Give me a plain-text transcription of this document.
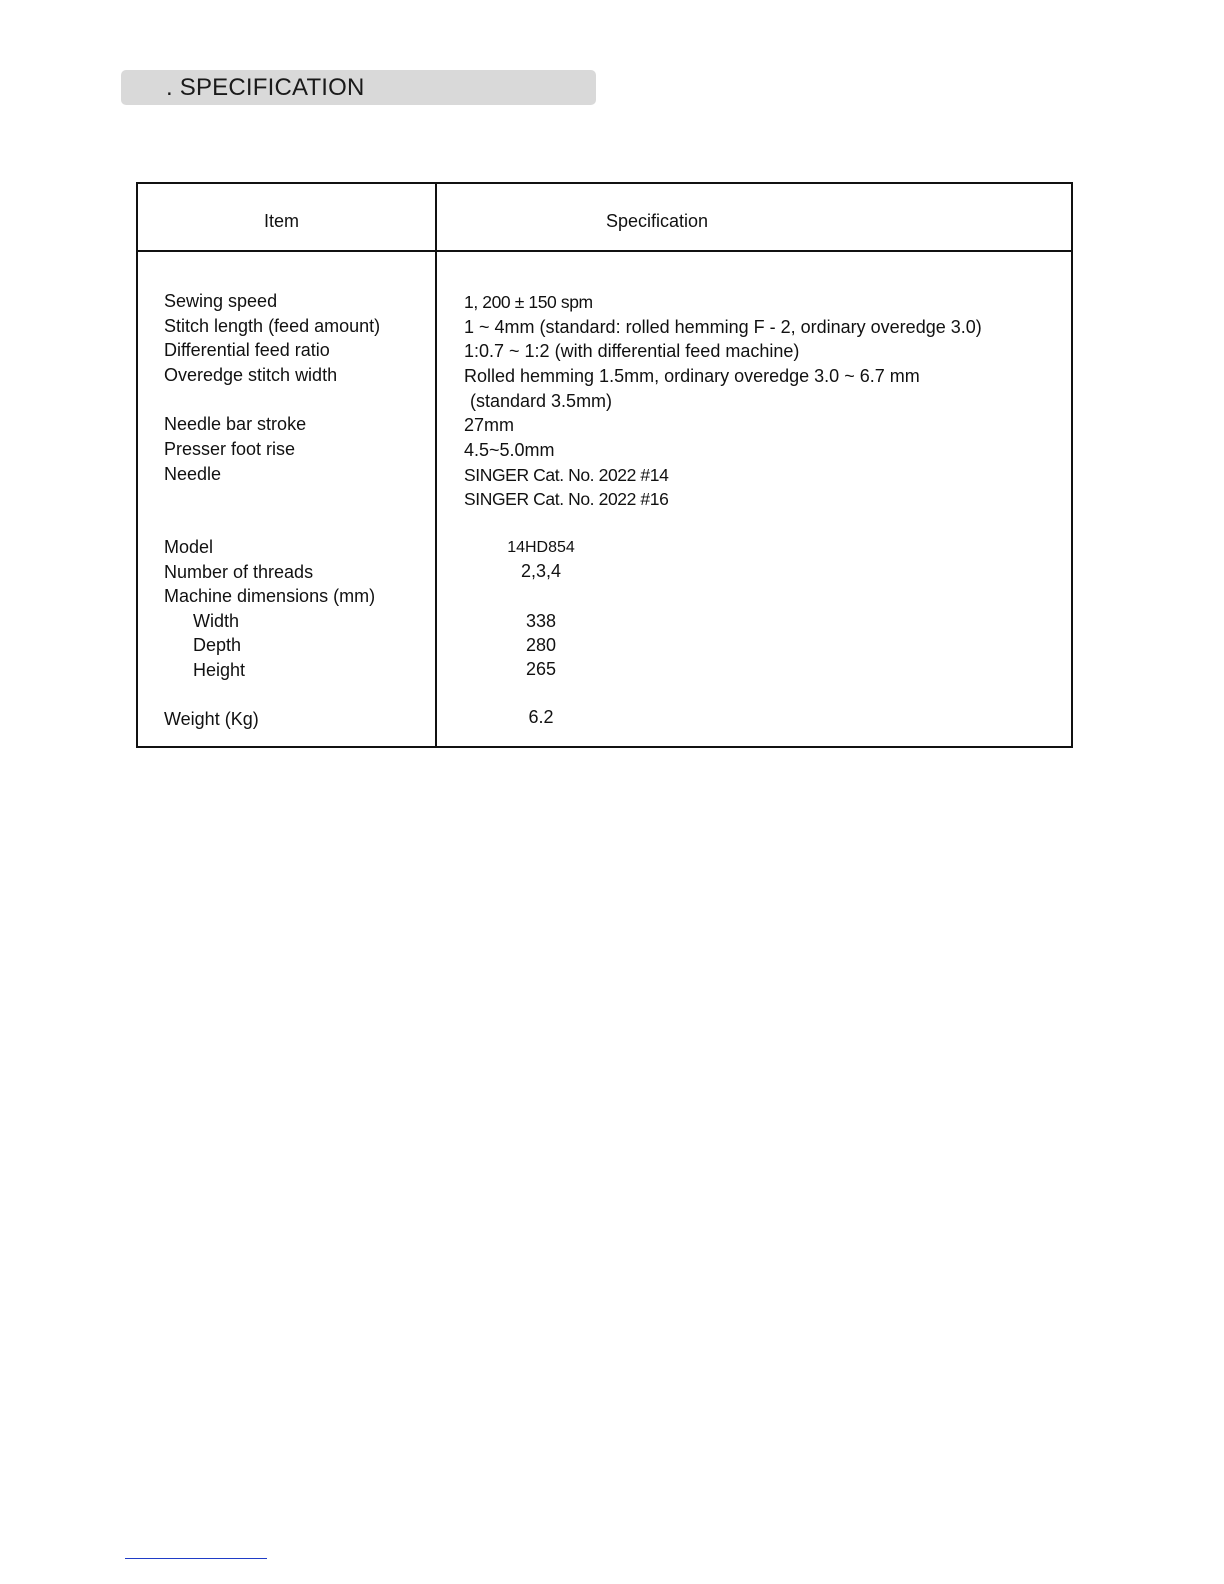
. SPECIFICATION
Item	Specification
Sewing speed
Stitch length (feed amount)
Differential feed ratio
Overedge stitch width
Needle bar stroke
Presser foot rise
Needle
Model
Number of threads
Machine dimensions (mm)
Width
Depth
Height
Weight (Kg)
1, 200 ± 150 spm
1 ~ 4mm (standard: rolled hemming F - 2, ordinary overedge 3.0)
1:0.7 ~ 1:2 (with differential feed machine)
Rolled hemming 1.5mm, ordinary overedge 3.0 ~ 6.7 mm
(standard 3.5mm)
27mm
4.5~5.0mm
SINGER Cat. No. 2022 #14
SINGER Cat. No. 2022 #16
14HD854
2,3,4
338
280
265
6.2
